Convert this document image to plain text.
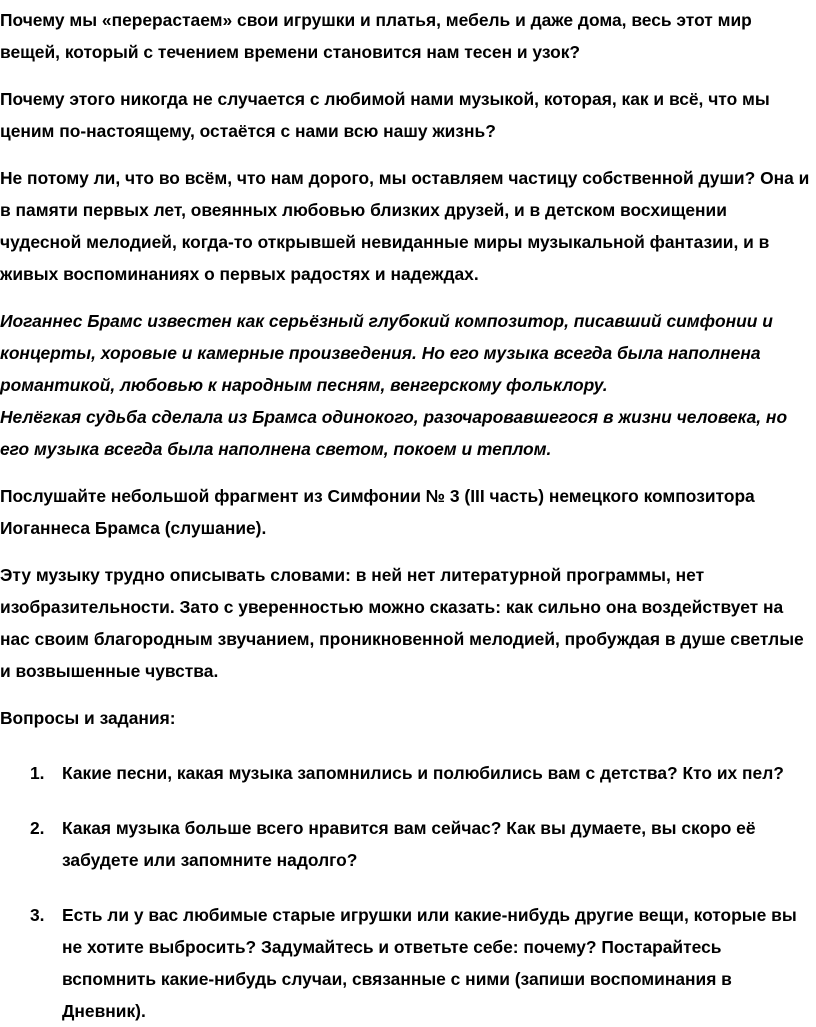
Почему мы «перерастаем» свои игрушки и платья, мебель и даже дома, весь этот мир вещей, который с течением времени становится нам тесен и узок?

Почему этого никогда не случается с любимой нами музыкой, которая, как и всё, что мы ценим по-настоящему, остаётся с нами всю нашу жизнь?

Не потому ли, что во всём, что нам дорого, мы оставляем частицу собственной души? Она и в памяти первых лет, овеянных любовью близких друзей, и в детском восхищении чудесной мелодией, когда-то открывшей невиданные миры музыкальной фантазии, и в живых воспоминаниях о первых радостях и надеждах.

Иоганнес Брамс известен как серьёзный глубокий композитор, писавший симфонии и концерты, хоровые и камерные произведения. Но его музыка всегда была наполнена романтикой, любовью к народным песням, венгерскому фольклору.

Нелёгкая судьба сделала из Брамса одинокого, разочаровавшегося в жизни человека, но его музыка всегда была наполнена светом, покоем и теплом.

Послушайте небольшой фрагмент из Симфонии № 3 (III часть) немецкого композитора Иоганнеса Брамса (слушание).

Эту музыку трудно описывать словами: в ней нет литературной программы, нет изобразительности. Зато с уверенностью можно сказать: как сильно она воздействует на нас своим благородным звучанием, проникновенной мелодией, пробуждая в душе светлые и возвышенные чувства.

Вопросы и задания:

1. Какие песни, какая музыка запомнились и полюбились вам с детства? Кто их пел?
2. Какая музыка больше всего нравится вам сейчас? Как вы думаете, вы скоро её забудете или запомните надолго?
3. Есть ли у вас любимые старые игрушки или какие-нибудь другие вещи, которые вы не хотите выбросить? Задумайтесь и ответьте себе: почему? Постарайтесь вспомнить какие-нибудь случаи, связанные с ними (запиши воспоминания в Дневник).
